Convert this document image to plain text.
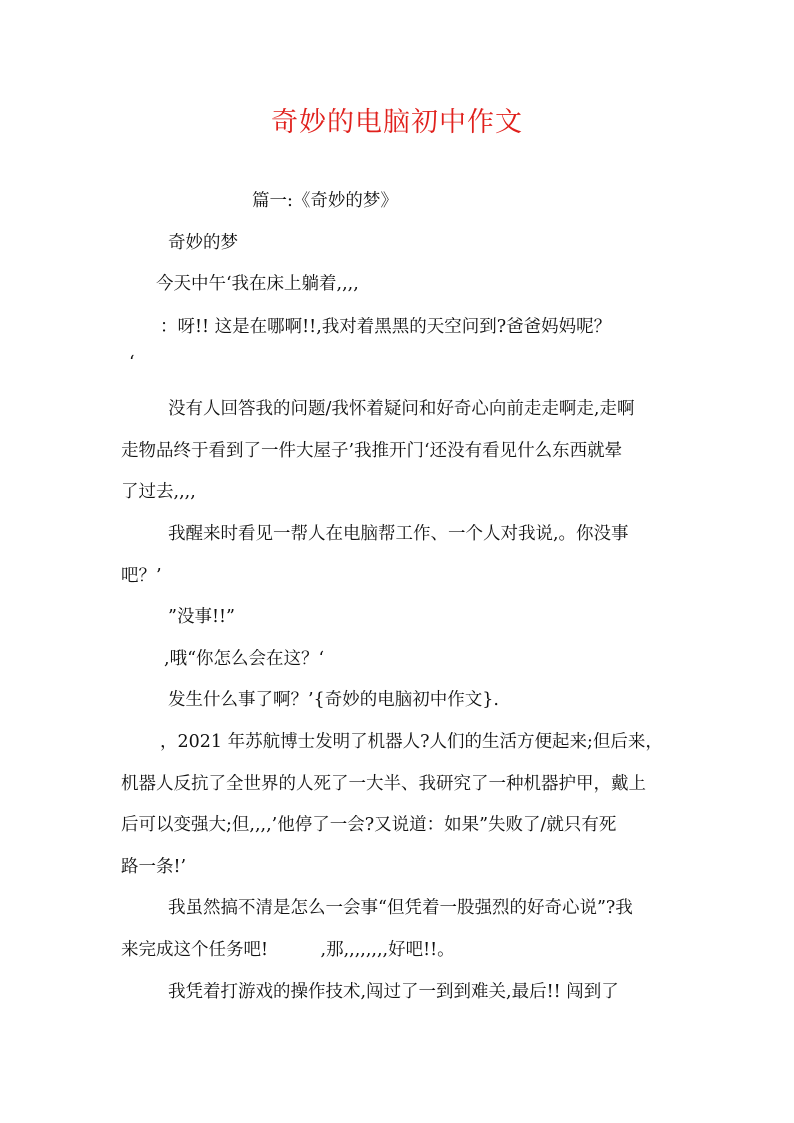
奇妙的电脑初中作文
篇一:《奇妙的梦》
奇妙的梦
今天中午‘我在床上躺着,,,,
：呀!! 这是在哪啊!!,我对着黑黑的天空问到?爸爸妈妈呢？
‘
没有人回答我的问题/我怀着疑问和好奇心向前走走啊走,走啊
走物品终于看到了一件大屋子’我推开门‘还没有看见什么东西就晕
了过去,,,,
我醒来时看见一帮人在电脑帮工作、一个人对我说,。你没事
吧？’
”没事!!”
,哦“你怎么会在这？‘
发生什么事了啊？’{奇妙的电脑初中作文}.
，2021 年苏航博士发明了机器人?人们的生活方便起来;但后来，
机器人反抗了全世界的人死了一大半、我研究了一种机器护甲，戴上
后可以变强大;但,,,,’他停了一会?又说道：如果”失败了/就只有死
路一条!’
我虽然搞不清是怎么一会事“但凭着一股强烈的好奇心说”?我
来完成这个任务吧!　　　,那,,,,,,,,好吧!!。
我凭着打游戏的操作技术,闯过了一到到难关,最后!! 闯到了
